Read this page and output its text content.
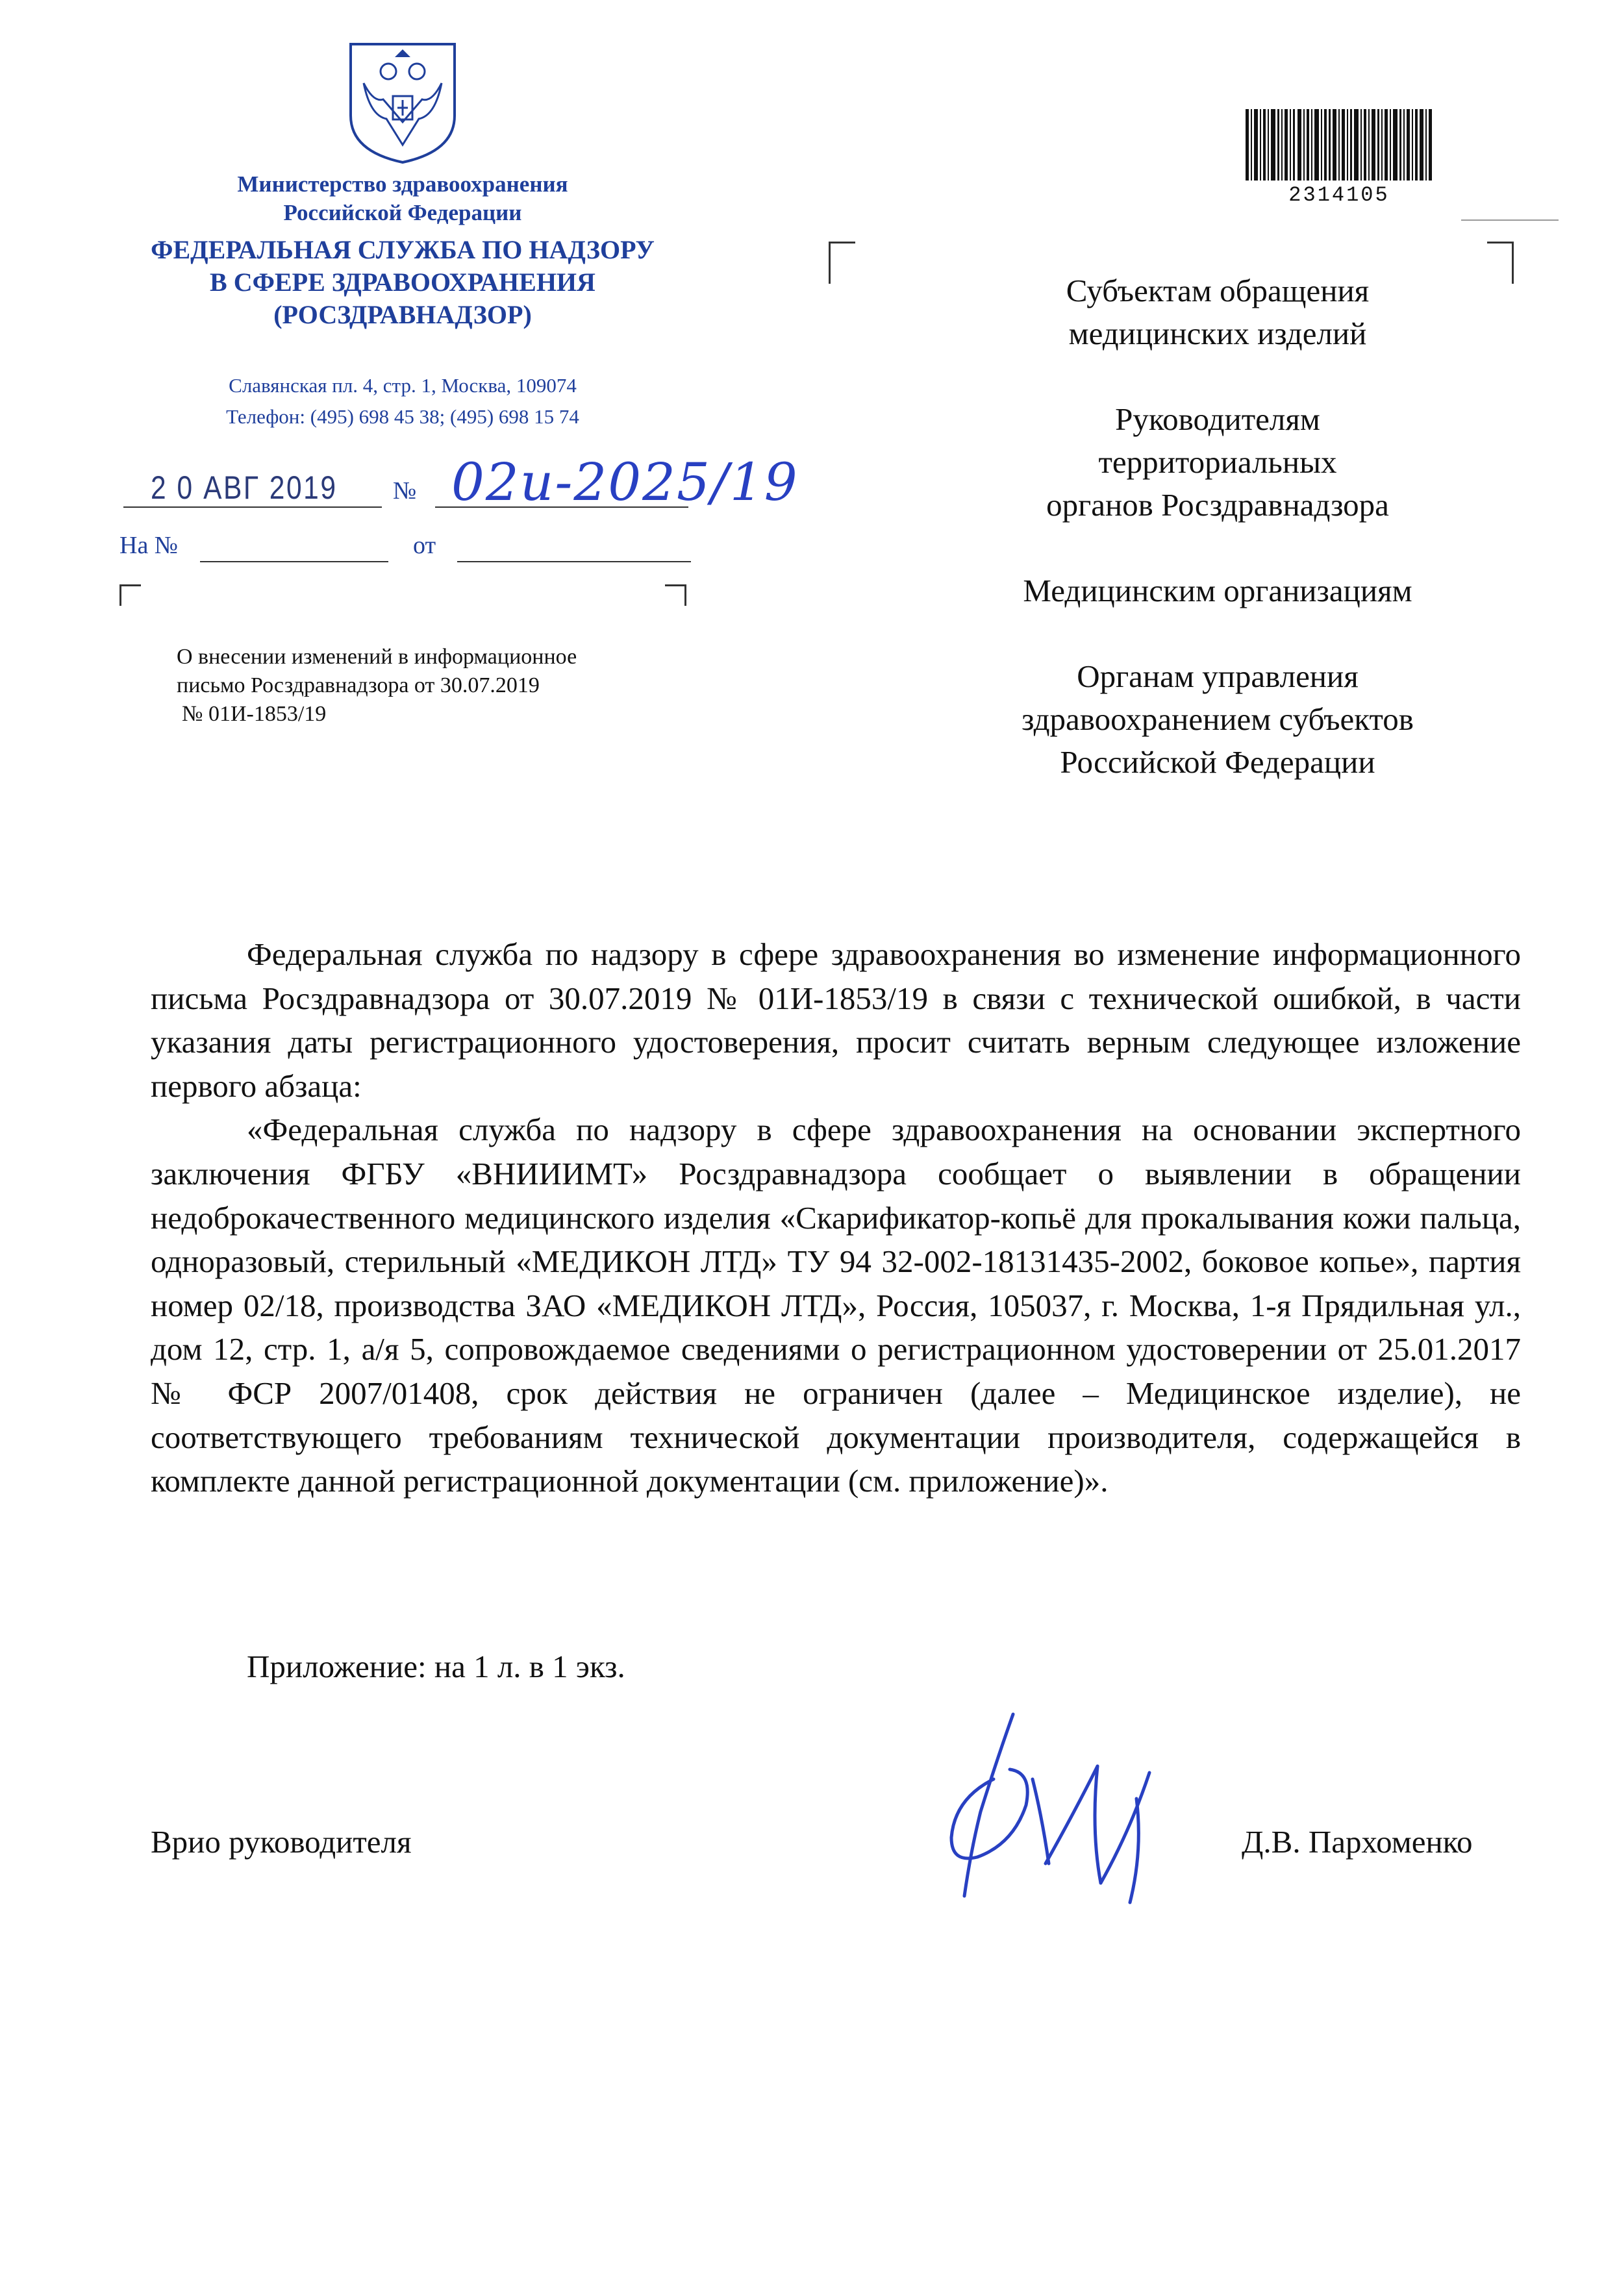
Министерство здравоохранения
Российской Федерации
ФЕДЕРАЛЬНАЯ СЛУЖБА ПО НАДЗОРУ
В СФЕРЕ ЗДРАВООХРАНЕНИЯ
(РОСЗДРАВНАДЗОР)
Славянская пл. 4, стр. 1, Москва, 109074
Телефон: (495) 698 45 38; (495) 698 15 74
2 0 АВГ 2019 № 02и-2025/19
На №	от
О внесении изменений в информационное
письмо Росздравнадзора от 30.07.2019
№ 01И-1853/19
2314105

Субъектам обращения
медицинских изделий

Руководителям
территориальных
органов Росздравнадзора

Медицинским организациям

Органам управления
здравоохранением субъектов
Российской Федерации

Федеральная служба по надзору в сфере здравоохранения во изменение информационного письма Росздравнадзора от 30.07.2019 № 01И-1853/19 в связи с технической ошибкой, в части указания даты регистрационного удостоверения, просит считать верным следующее изложение первого абзаца:

«Федеральная служба по надзору в сфере здравоохранения на основании экспертного заключения ФГБУ «ВНИИИМТ» Росздравнадзора сообщает о выявлении в обращении недоброкачественного медицинского изделия «Скарификатор-копьё для прокалывания кожи пальца, одноразовый, стерильный «МЕДИКОН ЛТД» ТУ 94 32-002-18131435-2002, боковое копье», партия номер 02/18, производства ЗАО «МЕДИКОН ЛТД», Россия, 105037, г. Москва, 1-я Прядильная ул., дом 12, стр. 1, а/я 5, сопровождаемое сведениями о регистрационном удостоверении от 25.01.2017 № ФСР 2007/01408, срок действия не ограничен (далее – Медицинское изделие), не соответствующего требованиям технической документации производителя, содержащейся в комплекте данной регистрационной документации (см. приложение)».

Приложение: на 1 л. в 1 экз.
Врио руководителя	Д.В. Пархоменко
